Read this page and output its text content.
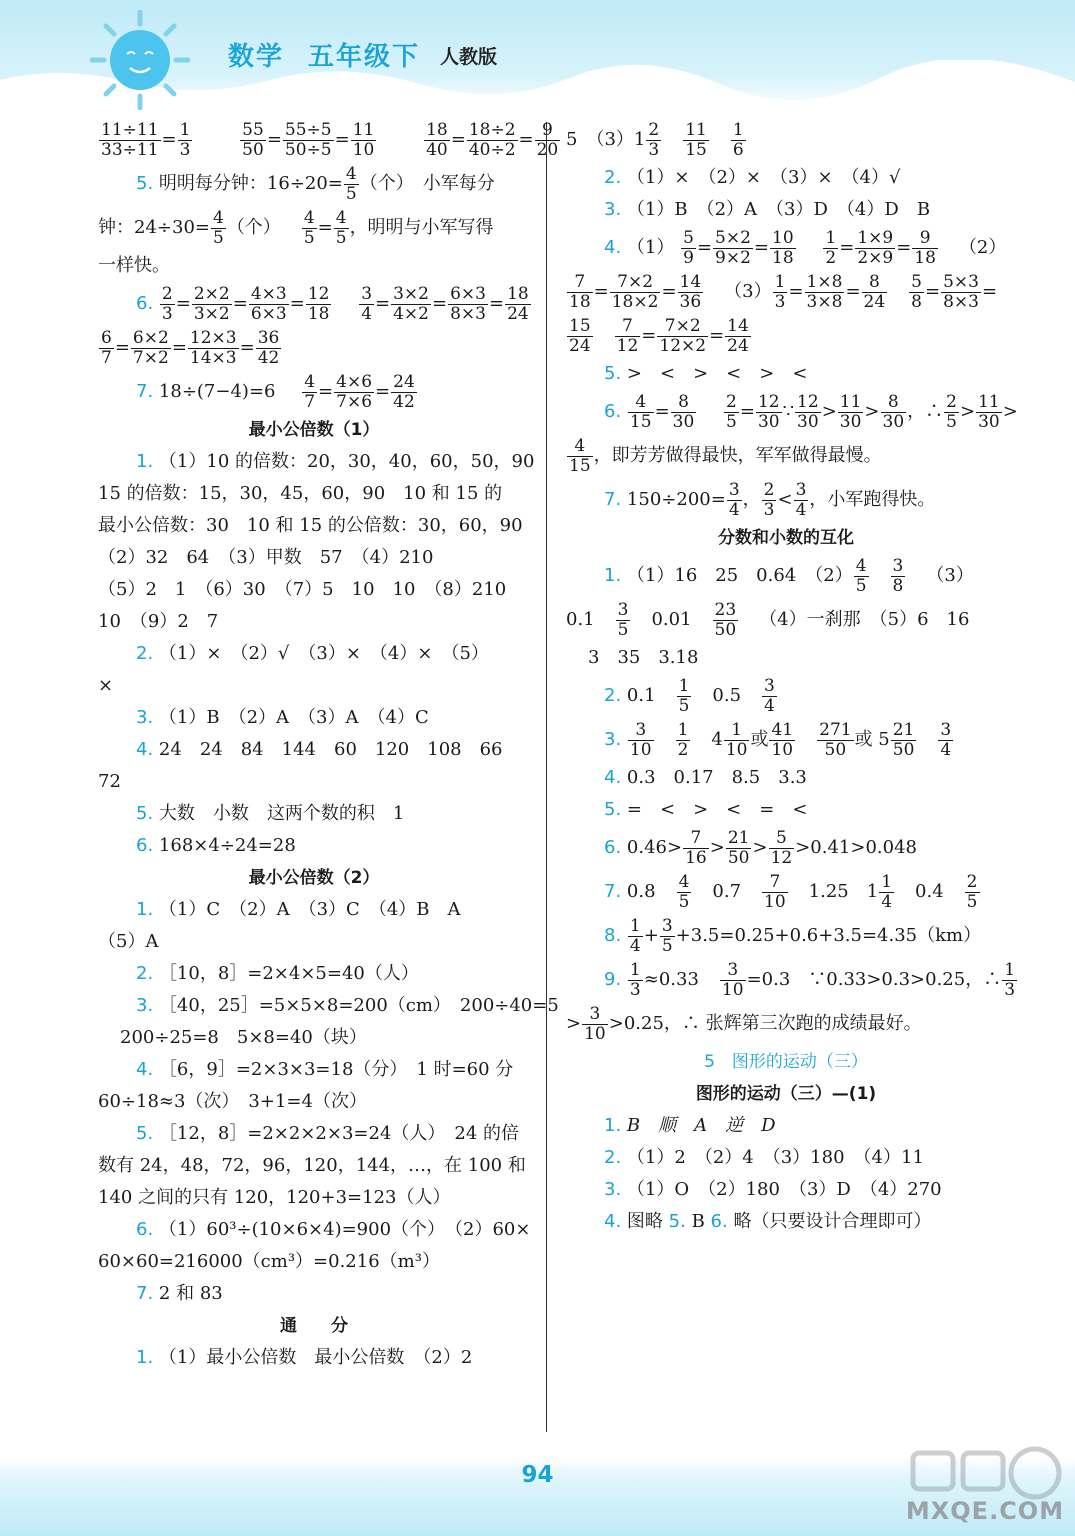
数学 五年级下 人教版
$\frac{11\div 11}{33\div 11} = \frac{1}{3}$
	$\frac{55}{50} = \frac{55\div 5}{50\div 5} = \frac{11}{10}$
	$\frac{18}{40} = \frac{18\div 2}{40\div 2} = \frac{9}{20}$
5. 明明每分钟：$16\div 20= \frac{4}{5}$ （个）　小军每分
钟：$24\div 30= \frac{4}{5}$ （个） $\frac{4}{5} = \frac{4}{5}$ ，明明与小军写得
一样快。
6. $\frac{2}{3} = \frac{2\times 2}{3\times 2} = \frac{4\times 3}{6\times 3} = \frac{12}{18}$
$\frac{3}{4} = \frac{3\times 2}{4\times 2} = \frac{6\times 3}{8\times 3} = \frac{18}{24}$
$\frac{6}{7} = \frac{6\times 2}{7\times 2} = \frac{12\times 3}{14\times 3} = \frac{36}{42}$
7. $18\div(7-4)=6 \frac{4}{7} = \frac{4\times 6}{7\times 6} = \frac{24}{42}$
最小公倍数（1）
1. （1）10 的倍数：20，30，40，60，50，90
15 的倍数：15，30，45，60，90　10 和 15 的
最小公倍数：30　10 和 15 的公倍数：30，60，90
（2）32　64　（3）甲数　57　（4）210
（5）2　1　（6）30　（7）5　10　10　（8）210
10　（9）2　7
2. （1）×　（2）√　（3）×　（4）×　（5）
×
3. （1）B　（2）A　（3）A　（4）C
4. 24　24　84　144　60　120　108　66
72
5. 大数　小数　这两个数的积　1
6. 168×4÷24=28
最小公倍数（2）
1. （1）C　（2）A　（3）C　（4）B　A
（5）A
2. ［10，8］=2×4×5=40（人）
3. ［40，25］=5×5×8=200（cm）　200÷40=5
200÷25=8　5×8=40（块）
4. ［6，9］=2×3×3=18（分）　1 时=60 分
60÷18≈3（次）　3+1=4（次）
5. ［12，8］=2×2×2×3=24（人）　24 的倍
数有 24，48，72，96，120，144，…，在 100 和
140 之间的只有 120，120+3=123（人）
6. （1）60³÷(10×6×4)=900（个）　（2）60×
60×60=216000（cm³）=0.216（m³）
7. 2 和 83
通　　分
1. （1）最小公倍数　最小公倍数　（2）2
5　$(3)1 \frac{2}{3} \frac{11}{15} \frac{1}{6}$
2. （1）×　（2）×　（3）×　（4）√
3. （1）B　（2）A　（3）D　（4）D　B
4. $(1) \frac{5}{9} = \frac{5\times 2}{9\times 2} = \frac{10}{18}$
$\frac{1}{2} = \frac{1\times 9}{2\times 9} = \frac{9}{18} (2)$
$\frac{7}{18} = \frac{7\times 2}{18\times 2} = \frac{14}{36} (3) \frac{1}{3} = \frac{1\times 8}{3\times 8} = \frac{8}{24} \frac{5}{8} = \frac{5\times 3}{8\times 3}$ =
$\frac{15}{24} \frac{7}{12} = \frac{7\times 2}{12\times 2} = \frac{14}{24}$
5. >　<　>　<　>　<
6. $\frac{4}{15} = \frac{8}{30}$
$\frac{2}{5} = \frac{12}{30}$ ∵ $\frac{12}{30} > \frac{11}{30} > \frac{8}{30}$ ，∴ $\frac{2}{5} > \frac{11}{30}$ >
$\frac{4}{15}$ ，即芳芳做得最快，军军做得最慢。
7. $150\div 200= \frac{3}{4}$ ， $\frac{2}{3} < \frac{3}{4}$ ，小军跑得快。
分数和小数的互化
1. （1）16　25　0.64　$(2) \frac{4}{5} \frac{3}{8} (3)$
$0.1 \frac{3}{5} 0.01 \frac{23}{50} (4)$一刹那　（5）6　16
3　35　3.18
2. $0.1 \frac{1}{5} 0.5 \frac{3}{4}$
3. $\frac{3}{10} \frac{1}{2} 4 \frac{1}{10}$ 或 $\frac{41}{10} \frac{271}{50}$ 或 $5 \frac{21}{50} \frac{3}{4}$
4. 0.3　0.17　8.5　3.3
5. =　<　>　<　=　<
6. $0.46> \frac{7}{16} > \frac{21}{50} > \frac{5}{12} >0.41>0.048$
7. $0.8 \frac{4}{5} 0.7 \frac{7}{10} 1.25$　$1 \frac{1}{4} 0.4 \frac{2}{5}$
8. $\frac{1}{4} + \frac{3}{5} +3.5=0.25+0.6+3.5=4.35(km)$
9. $\frac{1}{3} \approx 0.33 \frac{3}{10} =0.3$　∵0.33>0.3>0.25，∴ $\frac{1}{3}$
> $\frac{3}{10} >0.25$，∴ 张辉第三次跑的成绩最好。
5　图形的运动（三）
图形的运动（三）—(1)
1. B　顺　A　逆　D
2. （1）2　（2）4　（3）180　（4）11
3. （1）O　（2）180　（3）D　（4）270
4. 图略 5. B 6. 略（只要设计合理即可）
94
MXQE.COM
